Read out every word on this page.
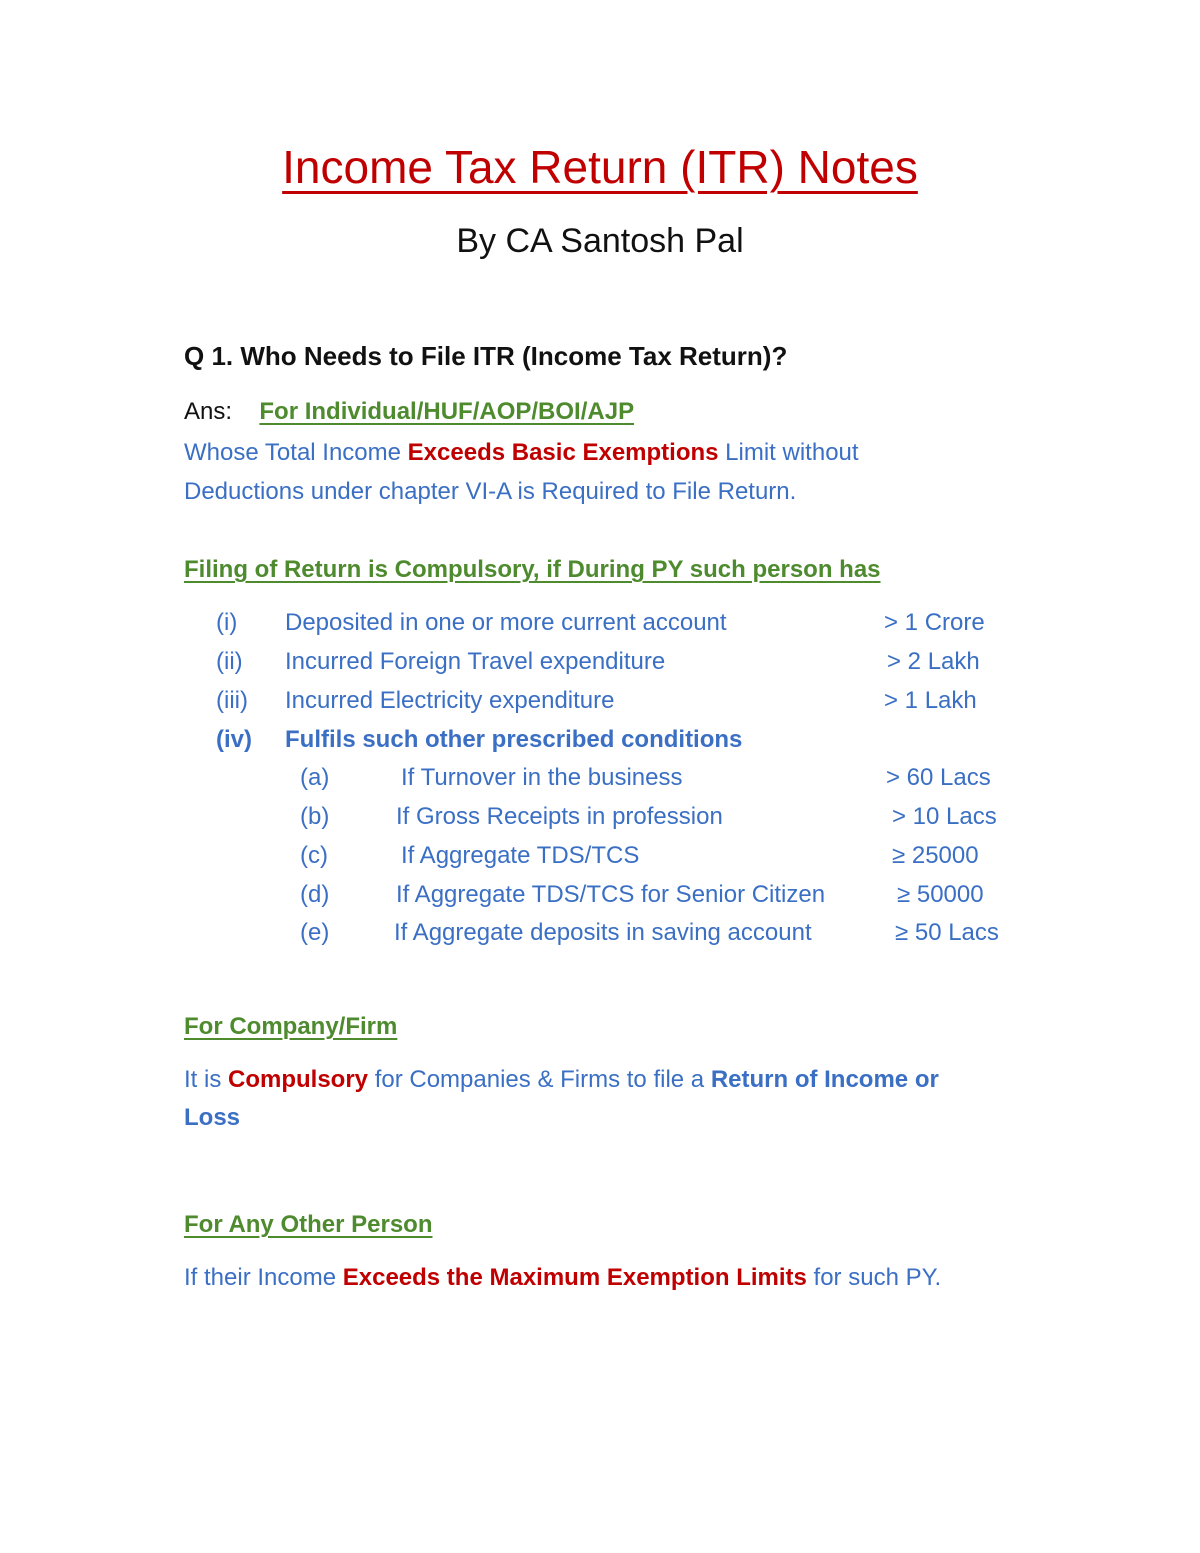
Income Tax Return (ITR) Notes
By CA Santosh Pal
Q 1. Who Needs to File ITR (Income Tax Return)?
Ans: For Individual/HUF/AOP/BOI/AJP
Whose Total Income Exceeds Basic Exemptions Limit without
Deductions under chapter VI-A is Required to File Return.
Filing of Return is Compulsory, if During PY such person has
(i) Deposited in one or more current account	> 1 Crore
(ii) Incurred Foreign Travel expenditure	> 2 Lakh
(iii) Incurred Electricity expenditure	> 1 Lakh
(iv) Fulfils such other prescribed conditions
(a)	If Turnover in the business	> 60 Lacs
(b)	If Gross Receipts in profession	> 10 Lacs
(c)	If Aggregate TDS/TCS	≥ 25000
(d)	If Aggregate TDS/TCS for Senior Citizen	≥ 50000
(e)	If Aggregate deposits in saving account	≥ 50 Lacs
For Company/Firm
It is Compulsory for Companies & Firms to file a Return of Income or
Loss
For Any Other Person
If their Income Exceeds the Maximum Exemption Limits for such PY.
